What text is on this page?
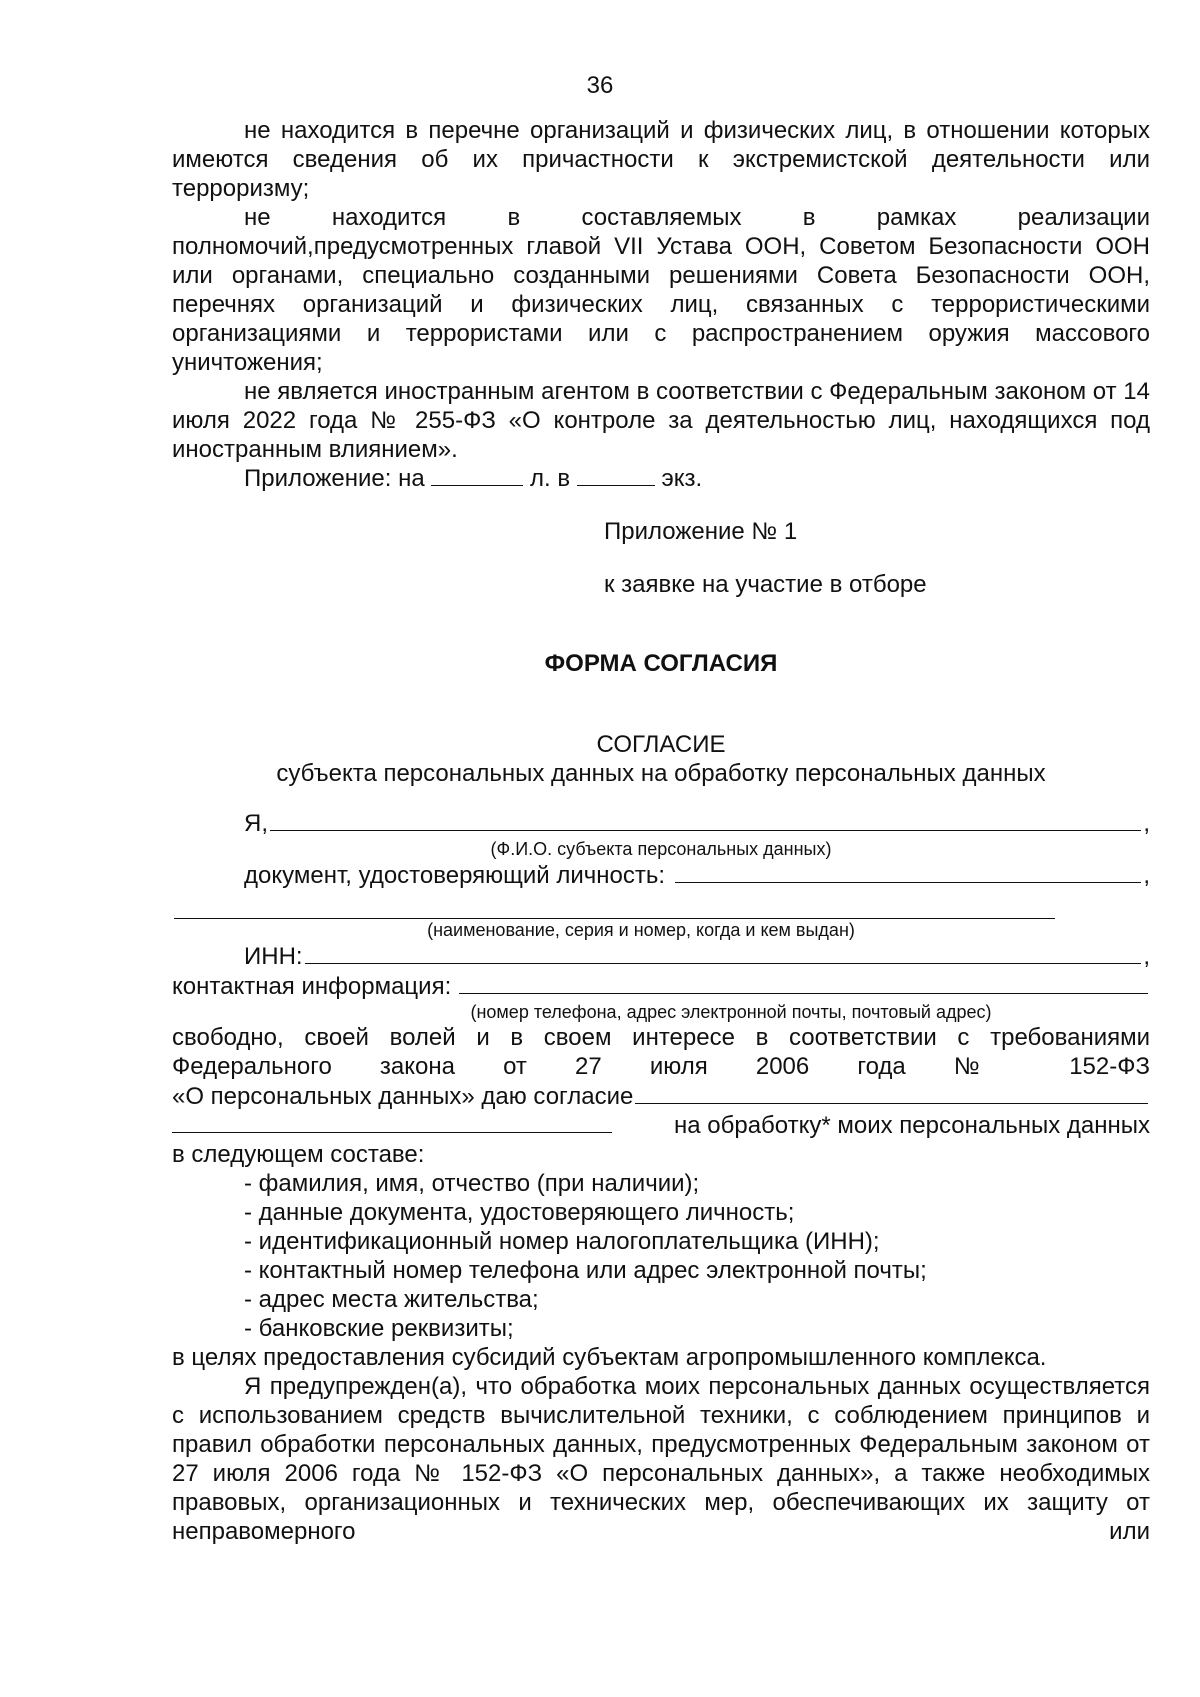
36

не находится в перечне организаций и физических лиц, в отношении которых имеются сведения об их причастности к экстремистской деятельности или терроризму;

не находится в составляемых в рамках реализации полномочий,предусмотренных главой VII Устава ООН, Советом Безопасности ООН или органами, специально созданными решениями Совета Безопасности ООН, перечнях организаций и физических лиц, связанных с террористическими организациями и террористами или с распространением оружия массового уничтожения;

не является иностранным агентом в соответствии с Федеральным законом от 14 июля 2022 года № 255-ФЗ «О контроле за деятельностью лиц, находящихся под иностранным влиянием».

Приложение: на	л. в	экз.

Приложение № 1

к заявке на участие в отборе

ФОРМА СОГЛАСИЯ

СОГЛАСИЕ

субъекта персональных данных на обработку персональных данных

Я,	,

(Ф.И.О. субъекта персональных данных)

документ, удостоверяющий личность:	,

(наименование, серия и номер, когда и кем выдан)

ИНН:	,
контактная информация:

(номер телефона, адрес электронной почты, почтовый адрес)

свободно, своей волей и в своем интересе в соответствии с требованиями Федерального закона от 27 июля 2006 года № 152-ФЗ

«О персональных данных» даю согласие
на обработку* моих персональных данных

в следующем составе:

- фамилия, имя, отчество (при наличии);

- данные документа, удостоверяющего личность;

- идентификационный номер налогоплательщика (ИНН);

- контактный номер телефона или адрес электронной почты;

- адрес места жительства;

- банковские реквизиты;

в целях предоставления субсидий субъектам агропромышленного комплекса.

Я предупрежден(а), что обработка моих персональных данных осуществляется с использованием средств вычислительной техники, с соблюдением принципов и правил обработки персональных данных, предусмотренных Федеральным законом от 27 июля 2006 года № 152-ФЗ «О персональных данных», а также необходимых правовых, организационных и технических мер, обеспечивающих их защиту от неправомерного или
